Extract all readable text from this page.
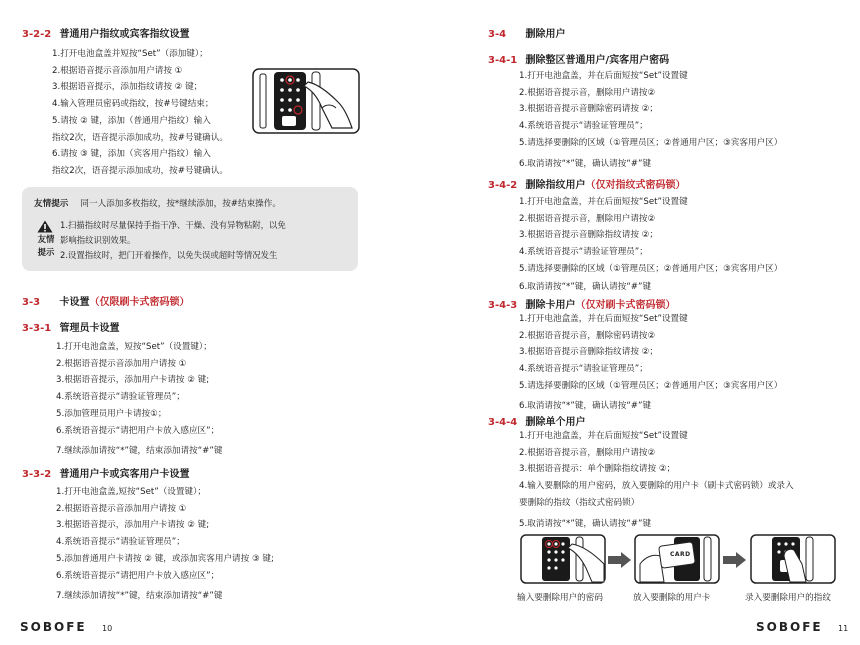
3-2-2 普通用户指纹或宾客指纹设置
1.打开电池盒盖并短按“Set”（添加键）；
2.根据语音提示音添加用户请按 ①
3.根据语音提示，添加指纹请按 ② 键；
4.输入管理员密码或指纹，按#号键结束；
5.请按 ② 键，添加（普通用户指纹）输入
指纹2次，语音提示添加成功，按#号键确认。
6.请按 ③ 键，添加（宾客用户指纹）输入
指纹2次，语音提示添加成功，按#号键确认。
友情提示 同一人添加多枚指纹，按*继续添加，按#结束操作。
友情提示
1.扫描指纹时尽量保持手指干净、干燥、没有异物粘附，以免
影响指纹识别效果。
2.设置指纹时，把门开着操作，以免失误或超时等情况发生
3-3 卡设置（仅限刷卡式密码锁）
3-3-1 管理员卡设置
1.打开电池盒盖，短按“Set”（设置键）；
2.根据语音提示音添加用户请按 ①
3.根据语音提示，添加用户卡请按 ② 键;
4.系统语音提示“请验证管理员”；
5.添加管理员用户卡请按①；
6.系统语音提示“请把用户卡放入感应区”；
7.继续添加请按“*”键，结束添加请按“#”键
3-3-2 普通用户卡或宾客用户卡设置
1.打开电池盒盖,短按“Set”（设置键）；
2.根据语音提示音添加用户请按 ①
3.根据语音提示，添加用户卡请按 ② 键;
4.系统语音提示“请验证管理员”；
5.添加普通用户卡请按 ② 键，或添加宾客用户请按 ③ 键;
6.系统语音提示“请把用户卡放入感应区”；
7.继续添加请按“*”键，结束添加请按“#”键
SOBOFE 10
3-4 删除用户
3-4-1 删除整区普通用户/宾客用户密码
1.打开电池盒盖，并在后面短按“Set”设置键
2.根据语音提示音，删除用户请按②
3.根据语音提示音删除密码请按 ②；
4.系统语音提示“请验证管理员”；
5.请选择要删除的区域（①管理员区；②普通用户区；③宾客用户区）
6.取消请按“*”键，确认请按“#”键
3-4-2 删除指纹用户（仅对指纹式密码锁）
1.打开电池盒盖，并在后面短按“Set”设置键
2.根据语音提示音，删除用户请按②
3.根据语音提示音删除指纹请按 ②；
4.系统语音提示“请验证管理员”；
5.请选择要删除的区域（①管理员区；②普通用户区；③宾客用户区）
6.取消请按“*”键，确认请按“#”键
3-4-3 删除卡用户（仅对刷卡式密码锁）
1.打开电池盒盖，并在后面短按“Set”设置键
2.根据语音提示音，删除密码请按②
3.根据语音提示音删除指纹请按 ②；
4.系统语音提示“请验证管理员”；
5.请选择要删除的区域（①管理员区；②普通用户区；③宾客用户区）
6.取消请按“*”键，确认请按“#”键
3-4-4 删除单个用户
1.打开电池盒盖，并在后面短按“Set”设置键
2.根据语音提示音，删除用户请按②
3.根据语音提示：单个删除指纹请按 ②；
4.输入要删除的用户密码，放入要删除的用户卡（刷卡式密码锁）或录入
要删除的指纹（指纹式密码锁）
5.取消请按“*”键，确认请按“#”键
CARD
输入要删除用户的密码	放入要删除的用户卡	录入要删除用户的指纹
SOBOFE 11
